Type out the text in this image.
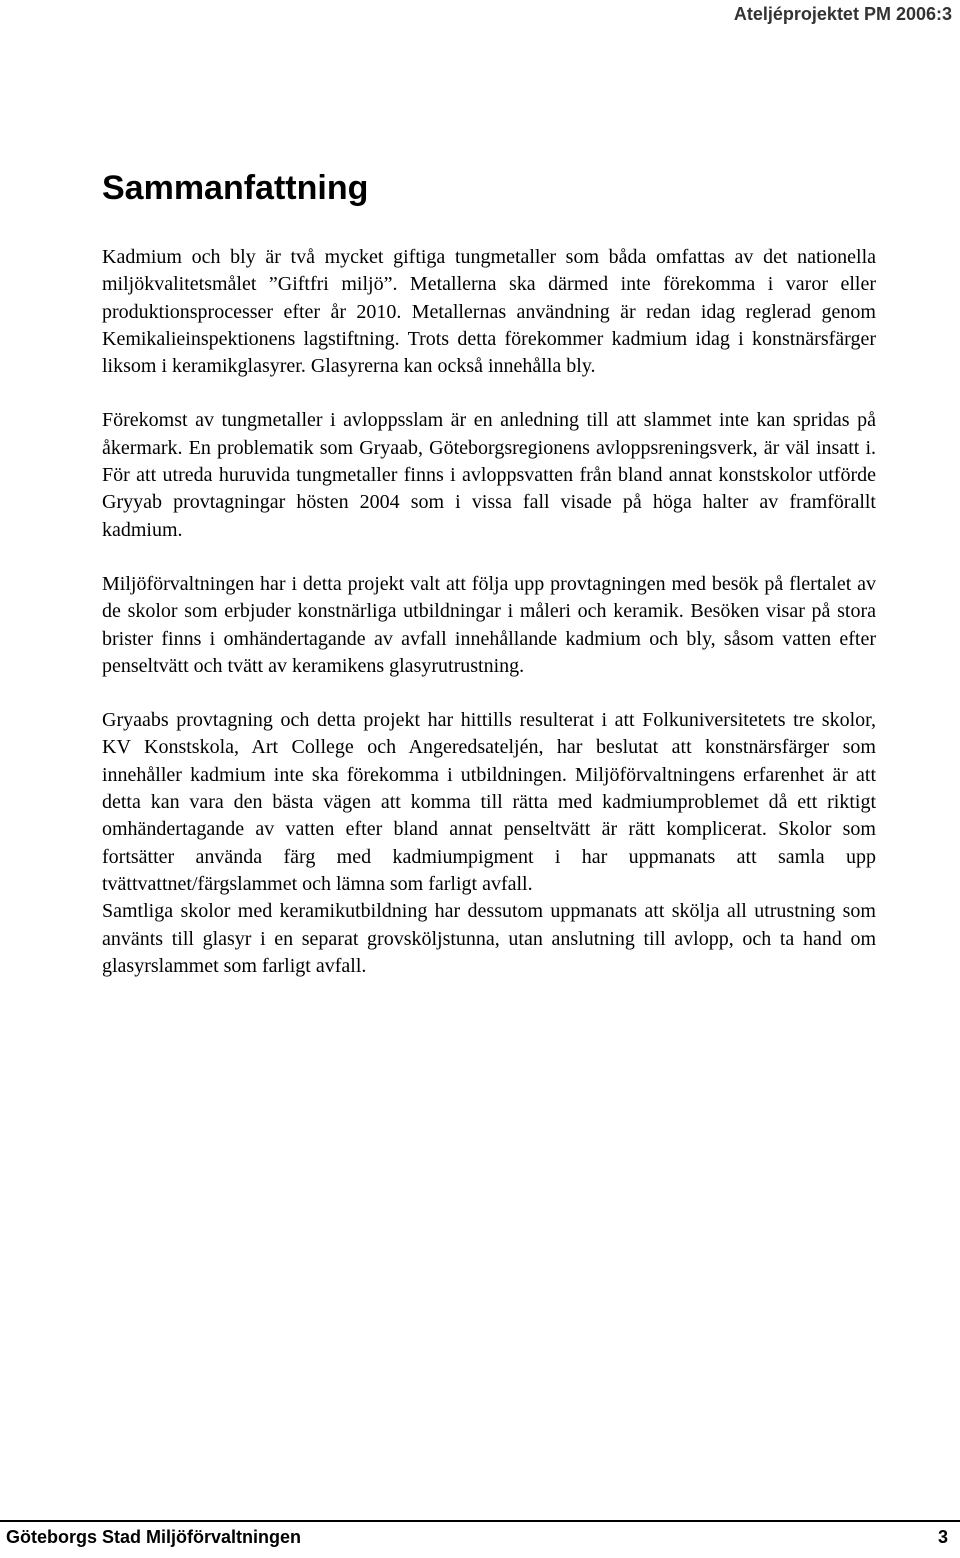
Ateljéprojektet PM 2006:3
Sammanfattning

Kadmium och bly är två mycket giftiga tungmetaller som båda omfattas av det nationella miljökvalitetsmålet ”Giftfri miljö”. Metallerna ska därmed inte förekomma i varor eller produktionsprocesser efter år 2010. Metallernas användning är redan idag reglerad genom Kemikalieinspektionens lagstiftning. Trots detta förekommer kadmium idag i konstnärsfärger liksom i keramikglasyrer. Glasyrerna kan också innehålla bly.

Förekomst av tungmetaller i avloppsslam är en anledning till att slammet inte kan spridas på åkermark. En problematik som Gryaab, Göteborgsregionens avloppsreningsverk, är väl insatt i. För att utreda huruvida tungmetaller finns i avloppsvatten från bland annat konstskolor utförde Gryyab provtagningar hösten 2004 som i vissa fall visade på höga halter av framförallt kadmium.

Miljöförvaltningen har i detta projekt valt att följa upp provtagningen med besök på flertalet av de skolor som erbjuder konstnärliga utbildningar i måleri och keramik. Besöken visar på stora brister finns i omhändertagande av avfall innehållande kadmium och bly, såsom vatten efter penseltvätt och tvätt av keramikens glasyrutrustning.

Gryaabs provtagning och detta projekt har hittills resulterat i att Folkuniversitetets tre skolor, KV Konstskola, Art College och Angeredsateljén, har beslutat att konstnärsfärger som innehåller kadmium inte ska förekomma i utbildningen. Miljöförvaltningens erfarenhet är att detta kan vara den bästa vägen att komma till rätta med kadmiumproblemet då ett riktigt omhändertagande av vatten efter bland annat penseltvätt är rätt komplicerat. Skolor som fortsätter använda färg med kadmiumpigment i har uppmanats att samla upp tvättvattnet/färgslammet och lämna som farligt avfall.

Samtliga skolor med keramikutbildning har dessutom uppmanats att skölja all utrustning som använts till glasyr i en separat grovsköljstunna, utan anslutning till avlopp, och ta hand om glasyrslammet som farligt avfall.

Göteborgs Stad Miljöförvaltningen	3
